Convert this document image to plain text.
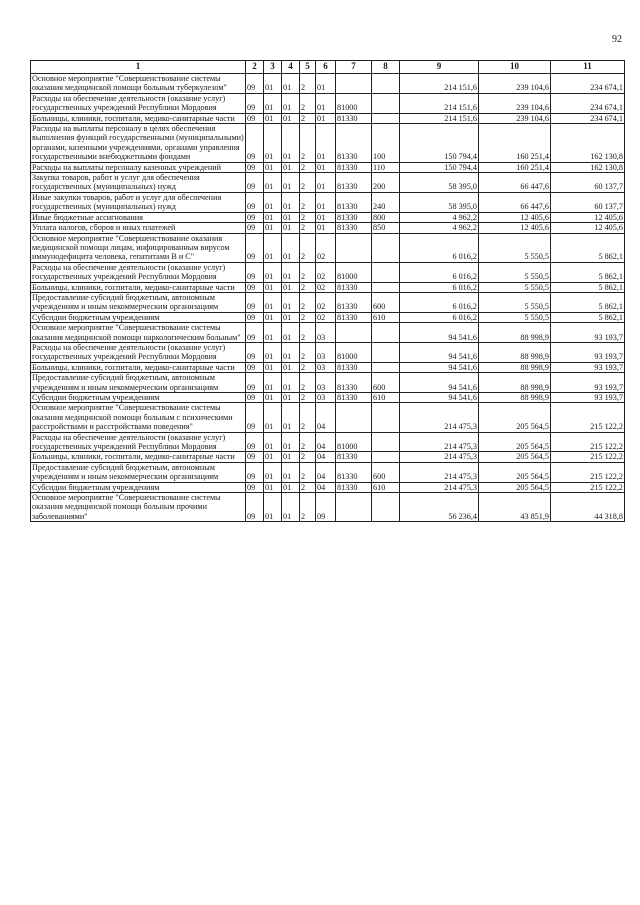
92
1	2	3	4	5	6	7	8	9	10	11
Основное мероприятие "Совершенствование системы оказания медицинской помощи больным туберкулезом"	09	01	01	2	01			214 151,6	239 104,6	234 674,1
Расходы на обеспечение деятельности (оказание услуг) государственных учреждений Республики Мордовия	09	01	01	2	01	81000		214 151,6	239 104,6	234 674,1
Больницы, клиники, госпитали, медико-санитарные части	09	01	01	2	01	81330		214 151,6	239 104,6	234 674,1
Расходы на выплаты персоналу в целях обеспечения выполнения функций государственными (муниципальными) органами, казенными учреждениями, органами управления государственными внебюджетными фондами	09	01	01	2	01	81330	100	150 794,4	160 251,4	162 130,8
Расходы на выплаты персоналу казенных учреждений	09	01	01	2	01	81330	110	150 794,4	160 251,4	162 130,8
Закупка товаров, работ и услуг для обеспечения государственных (муниципальных) нужд	09	01	01	2	01	81330	200	58 395,0	66 447,6	60 137,7
Иные закупки товаров, работ и услуг для обеспечения государственных (муниципальных) нужд	09	01	01	2	01	81330	240	58 395,0	66 447,6	60 137,7
Иные бюджетные ассигнования	09	01	01	2	01	81330	800	4 962,2	12 405,6	12 405,6
Уплата налогов, сборов и иных платежей	09	01	01	2	01	81330	850	4 962,2	12 405,6	12 405,6
Основное мероприятие "Совершенствование оказания медицинской помощи лицам, инфицированным вирусом иммунодефицита человека, гепатитами В и С"	09	01	01	2	02			6 016,2	5 550,5	5 862,1
Расходы на обеспечение деятельности (оказание услуг) государственных учреждений Республики Мордовия	09	01	01	2	02	81000		6 016,2	5 550,5	5 862,1
Больницы, клиники, госпитали, медико-санитарные части	09	01	01	2	02	81330		6 016,2	5 550,5	5 862,1
Предоставление субсидий бюджетным, автономным учреждениям и иным некоммерческим организациям	09	01	01	2	02	81330	600	6 016,2	5 550,5	5 862,1
Субсидии бюджетным учреждениям	09	01	01	2	02	81330	610	6 016,2	5 550,5	5 862,1
Основное мероприятие "Совершенствование системы оказания медицинской помощи наркологическим больным"	09	01	01	2	03			94 541,6	88 998,9	93 193,7
Расходы на обеспечение деятельности (оказание услуг) государственных учреждений Республики Мордовия	09	01	01	2	03	81000		94 541,6	88 998,9	93 193,7
Больницы, клиники, госпитали, медико-санитарные части	09	01	01	2	03	81330		94 541,6	88 998,9	93 193,7
Предоставление субсидий бюджетным, автономным учреждениям и иным некоммерческим организациям	09	01	01	2	03	81330	600	94 541,6	88 998,9	93 193,7
Субсидии бюджетным учреждениям	09	01	01	2	03	81330	610	94 541,6	88 998,9	93 193,7
Основное мероприятие "Совершенствование системы оказания медицинской помощи больным с психическими расстройствами и расстройствами поведения"	09	01	01	2	04			214 475,3	205 564,5	215 122,2
Расходы на обеспечение деятельности (оказание услуг) государственных учреждений Республики Мордовия	09	01	01	2	04	81000		214 475,3	205 564,5	215 122,2
Больницы, клиники, госпитали, медико-санитарные части	09	01	01	2	04	81330		214 475,3	205 564,5	215 122,2
Предоставление субсидий бюджетным, автономным учреждениям и иным некоммерческим организациям	09	01	01	2	04	81330	600	214 475,3	205 564,5	215 122,2
Субсидии бюджетным учреждениям	09	01	01	2	04	81330	610	214 475,3	205 564,5	215 122,2
Основное мероприятие "Совершенствование системы оказания медицинской помощи больным прочими заболеваниями"	09	01	01	2	09			56 236,4	43 851,9	44 318,8
